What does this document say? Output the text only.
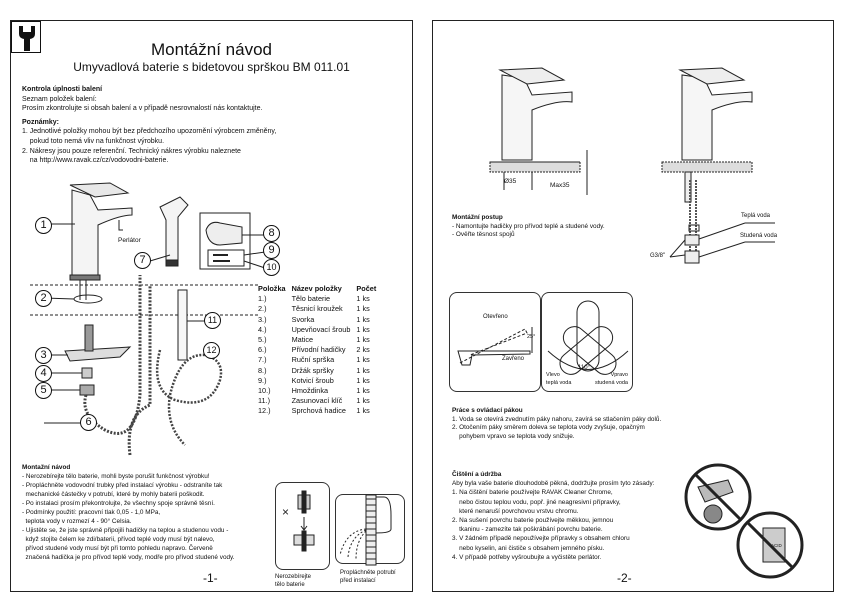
Montážní návod
Umyvadlová baterie s bidetovou sprškou BM 011.01
Kontrola úplnosti balení
Seznam položek balení:
Prosím zkontrolujte si obsah balení a v případě nesrovnalostí nás kontaktujte.
Poznámky:
1. Jednotlivé položky mohou být bez předchozího upozornění výrobcem změněny,
pokud toto nemá vliv na funkčnost výrobku.
2. Nákresy jsou pouze referenční. Technický nákres výrobku naleznete
na http://www.ravak.cz/cz/vodovodni-baterie.
1
Perlátor
7
8
9
10
2
11
12
3
4
5
6
Položka	Název položky	Počet
1.)	Tělo baterie	1 ks
2.)	Těsnicí kroužek	1 ks
3.)	Svorka	1 ks
4.)	Upevňovací šroub	1 ks
5.)	Matice	1 ks
6.)	Přívodní hadičky	2 ks
7.)	Ruční sprška	1 ks
8.)	Držák spršky	1 ks
9.)	Kotvicí šroub	1 ks
10.)	Hmoždinka	1 ks
11.)	Zasunovací klíč	1 ks
12.)	Sprchová hadice	1 ks
Montažní návod
- Nerozebírejte tělo baterie, mohli byste porušit funkčnost výrobku!
- Propláchněte vodovodní trubky před instalací výrobku - odstraníte tak
mechanické částečky v potrubí, které by mohly baterii poškodit.
- Po instalaci prosím překontrolujte, že všechny spoje správně těsní.
- Podmínky použití: pracovní tlak 0,05 - 1,0 MPa,
teplota vody v rozmezí 4 - 90° Celsia.
- Ujistěte se, že jste správně připojili hadičky na teplou a studenou vodu -
když stojíte čelem ke zdi/baterii, přívod teplé vody musí být nalevo,
přívod studené vody musí být při tomto pohledu napravo. Červeně
značená hadička je pro přívod teplé vody, modře pro přívod studené vody.
×
Nerozebírejte
tělo baterie
Propláchněte potrubí
před instalací
-1-
Ø35
Max35
Teplá voda
Studená voda
G3/8"
Montážní postup
- Namontujte hadičky pro přívod teplé a studené vody.
- Ověřte těsnost spojů
Otevřeno
Zavřeno
25°
110°
Vlevo
teplá voda
Vpravo
studená voda
Práce s ovládací pákou
1. Voda se otevírá zvednutím páky nahoru, zavírá se stlačením páky dolů.
2. Otočením páky směrem doleva se teplota vody zvyšuje, opačným
pohybem vpravo se teplota vody snižuje.
Čištění a údržba
Aby byla vaše baterie dlouhodobě pěkná, dodržujte prosím tyto zásady:
1. Na čištění baterie používejte RAVAK Cleaner Chrome,
nebo čistou teplou vodu, popř. jiné neagresivní přípravky,
které nenaruší povrchovou vrstvu chromu.
2. Na sušení povrchu baterie používejte měkkou, jemnou
tkaninu - zamezíte tak poškrábání povrchu baterie.
3. V žádném případě nepoužívejte přípravky s obsahem chloru
nebo kyselin, ani čističe s obsahem jemného písku.
4. V případě potřeby vyšroubujte a vyčistěte perlátor.
ACID
-2-
